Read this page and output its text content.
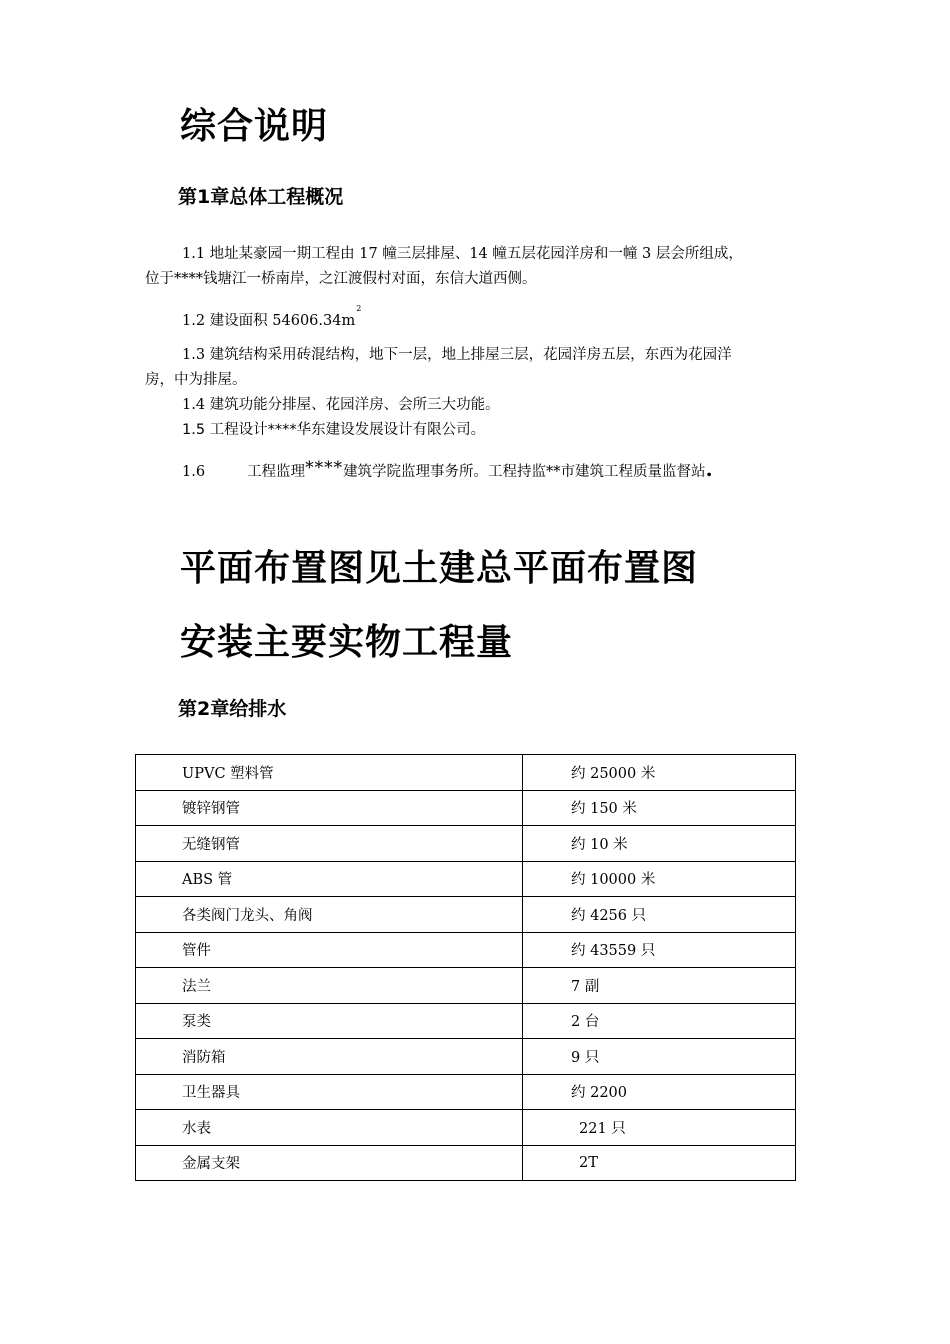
综合说明
第1章总体工程概况
1.1 地址某豪园一期工程由 17 幢三层排屋、14 幢五层花园洋房和一幢 3 层会所组成，
位于****钱塘江一桥南岸，之江渡假村对面，东信大道西侧。
1.2 建设面积 $54606.34m^2$
1.3 建筑结构采用砖混结构，地下一层，地上排屋三层，花园洋房五层，东西为花园洋
房，中为排屋。
1.4 建筑功能分排屋、花园洋房、会所三大功能。
1.5 工程设计****华东建设发展设计有限公司。
1.6	工程监理****建筑学院监理事务所。工程持监**市建筑工程质量监督站.
平面布置图见土建总平面布置图
安装主要实物工程量
第2章给排水
UPVC 塑料管	约 25000 米
镀锌钢管	约 150 米
无缝钢管	约 10 米
ABS 管	约 10000 米
各类阀门龙头、角阀	约 4256 只
管件	约 43559 只
法兰	7 副
泵类	2 台
消防箱	9 只
卫生器具	约 2200
水表	221 只
金属支架	2T
